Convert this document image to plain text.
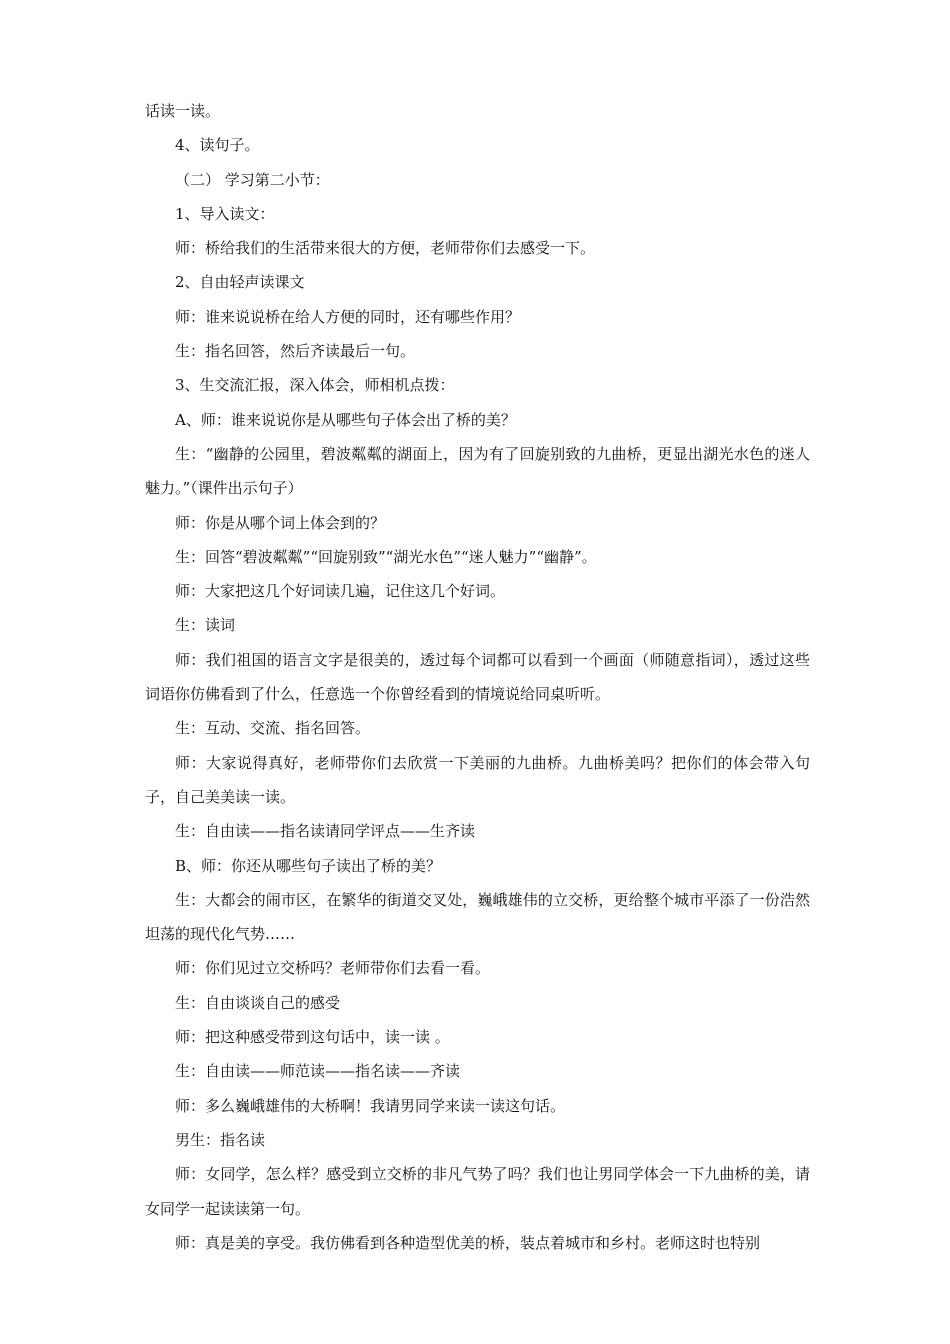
话读一读。

4、读句子。

（二） 学习第二小节：

1、导入读文：

师：桥给我们的生活带来很大的方便，老师带你们去感受一下。

2、自由轻声读课文

师：谁来说说桥在给人方便的同时，还有哪些作用？

生：指名回答，然后齐读最后一句。

3、生交流汇报，深入体会，师相机点拨：

A、师：谁来说说你是从哪些句子体会出了桥的美？

生：“幽静的公园里，碧波粼粼的湖面上，因为有了回旋别致的九曲桥，更显出湖光水色的迷人魅力。”（课件出示句子）

师：你是从哪个词上体会到的？

生：回答“碧波粼粼”“回旋别致”“湖光水色”“迷人魅力”“幽静”。

师：大家把这几个好词读几遍，记住这几个好词。

生：读词

师：我们祖国的语言文字是很美的，透过每个词都可以看到一个画面（师随意指词），透过这些词语你仿佛看到了什么，任意选一个你曾经看到的情境说给同桌听听。

生：互动、交流、指名回答。

师：大家说得真好，老师带你们去欣赏一下美丽的九曲桥。九曲桥美吗？把你们的体会带入句子，自己美美读一读。

生：自由读——指名读请同学评点——生齐读

B、师：你还从哪些句子读出了桥的美？

生：大都会的闹市区，在繁华的街道交叉处，巍峨雄伟的立交桥，更给整个城市平添了一份浩然坦荡的现代化气势……

师：你们见过立交桥吗？老师带你们去看一看。

生：自由谈谈自己的感受

师：把这种感受带到这句话中，读一读 。

生：自由读——师范读——指名读——齐读

师：多么巍峨雄伟的大桥啊！我请男同学来读一读这句话。

男生：指名读

师：女同学，怎么样？感受到立交桥的非凡气势了吗？我们也让男同学体会一下九曲桥的美，请女同学一起读读第一句。

师：真是美的享受。我仿佛看到各种造型优美的桥，装点着城市和乡村。老师这时也特别
